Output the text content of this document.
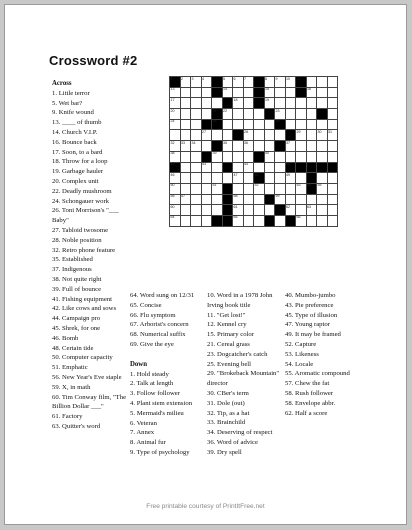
Crossword #2
1	2	3	4		5	6	7		8	9	10	11			

13					14				15				16		

17						18			19						

20				21	22					23					

24				25						26					

			27				28					29		30	31

32	33	34			35		36				37				

38				39					40						

42			43				44				45				

46						47		48			49				

50				51				52				53	54	55	

56	57					58				59					

60						61					62		63		

64						65						66			

Across
1. Little terror
5. Wet bar?
9. Knife wound
13. ____ of thumb
14. Church V.I.P.
16. Bounce back
17. Soon, to a bard
18. Throw for a loop
19. Garbage hauler
20. Complex unit
22. Deadly mushroom
24. Schongauer work
26. Toni Morrison's "___ Baby"
27. Tabloid twosome
28. Noble position
32. Retro phone feature
35. Established
37. Indigenous
38. Not quite right
39. Full of bounce
41. Fishing equipment
42. Like cows and sows
44. Campaign pro
45. Shrek, for one
46. Bomb
48. Certain tide
50. Computer capacity
51. Emphatic
56. New Year's Eve staple
59. X, in math
60. Tim Conway film, "The Billion Dollar ___"
61. Factory
63. Quitter's word
64. Word sung on 12/31
65. Concise
66. Flu symptom
67. Arborist's concern
68. Numerical suffix
69. Give the eye
Down
1. Hold steady
2. Talk at length
3. Follow follower
4. Plant stem extension
5. Mermaid's milieu
6. Veteran
7. Annex
8. Animal fur
9. Type of psychology
10. Word in a 1978 John Irving book title
11. "Get lost!"
12. Kennel cry
15. Primary color
21. Cereal grass
23. Dogcatcher's catch
25. Evening bell
29. "Brokeback Mountain" director
30. CBer's term
31. Dole (out)
32. Tip, as a hat
33. Brainchild
34. Deserving of respect
36. Word of advice
39. Dry spell
40. Mumbo-jumbo
43. Pie preference
45. Type of illusion
47. Young raptor
49. It may be framed
52. Capture
53. Likeness
54. Locale
55. Aromatic compound
57. Chew the fat
58. Rush follower
58. Envelope abbr.
62. Half a score
Free printable courtesy of PrintItFree.net
